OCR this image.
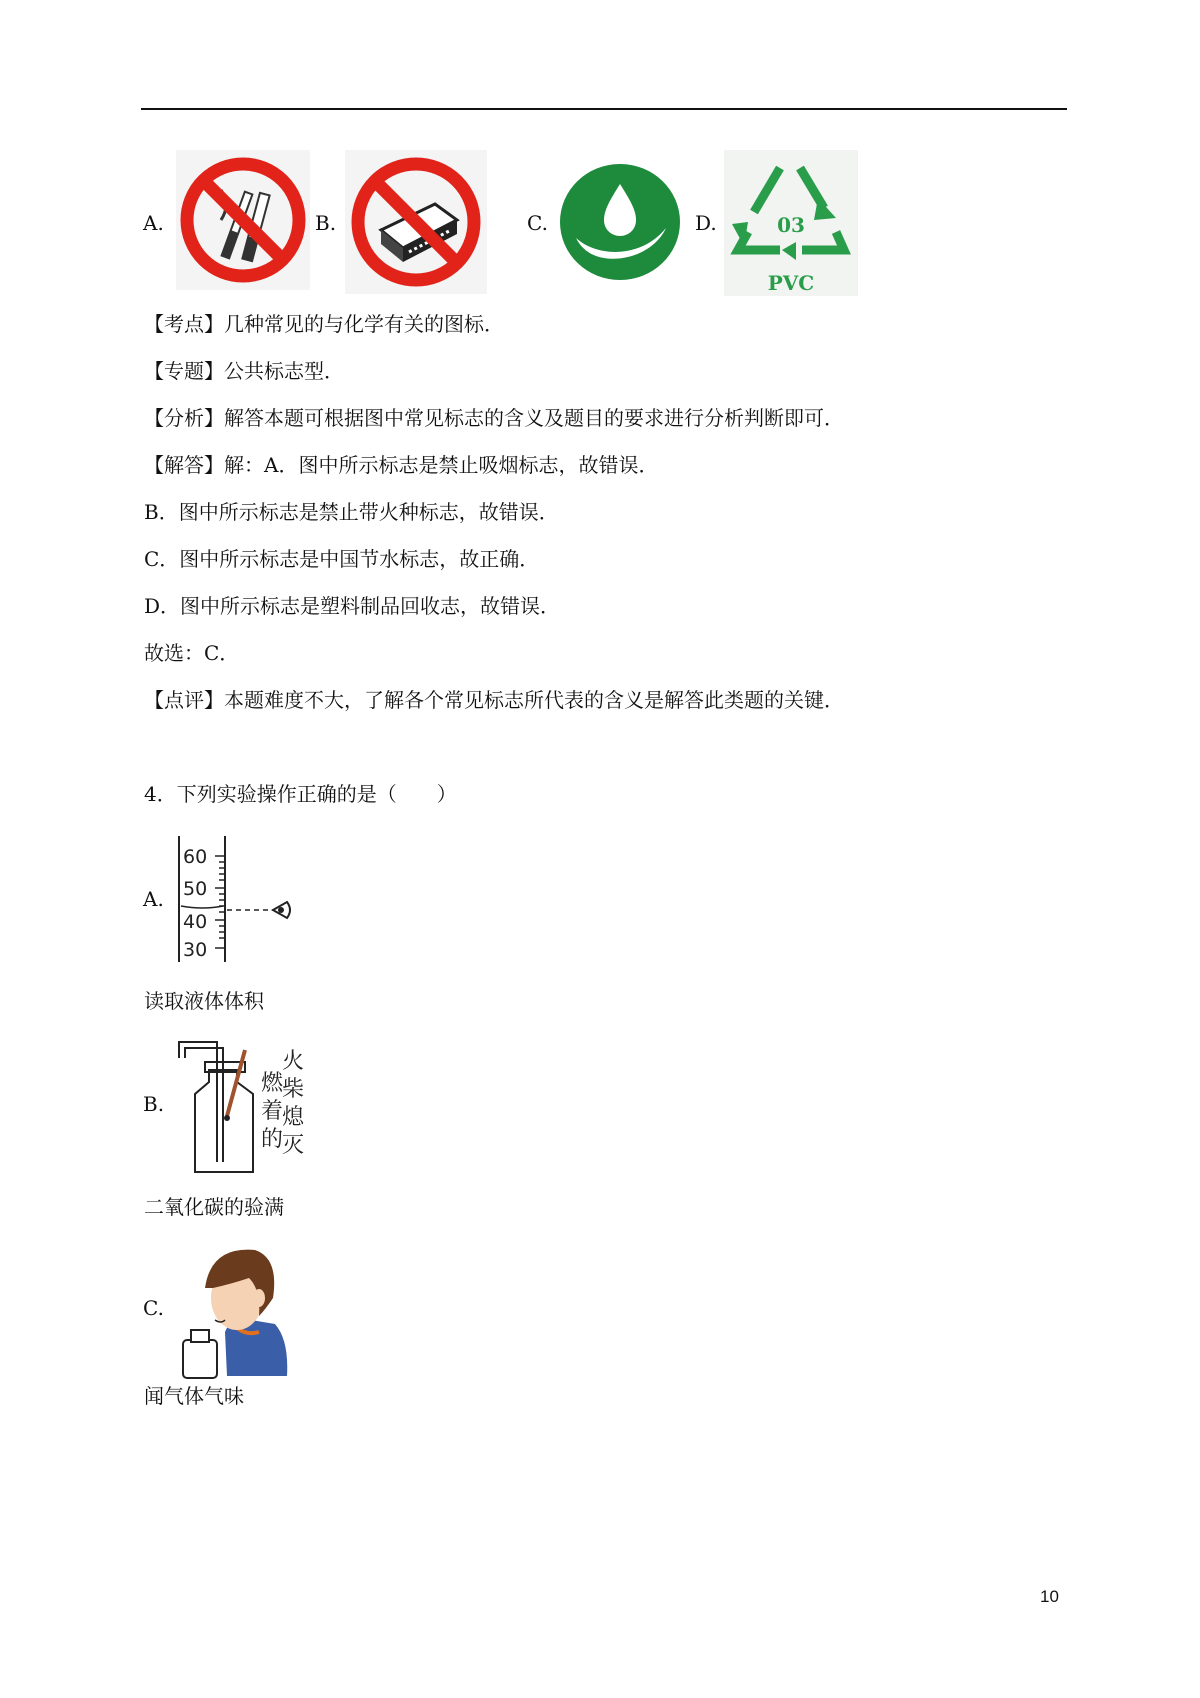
A.	B.	C.	D.	03
PVC
【考点】几种常见的与化学有关的图标．
【专题】公共标志型．
【分析】解答本题可根据图中常见标志的含义及题目的要求进行分析判断即可．
【解答】解：A．图中所示标志是禁止吸烟标志，故错误．
B．图中所示标志是禁止带火种标志，故错误．
C．图中所示标志是中国节水标志，故正确．
D．图中所示标志是塑料制品回收志，故错误．
故选：C．
【点评】本题难度不大，了解各个常见标志所代表的含义是解答此类题的关键．
4．下列实验操作正确的是（　　）
A.
60
50
40
30
读取液体体积
B.
火
柴
熄
灭
燃
着
的
二氧化碳的验满
C.
闻气体气味
10
